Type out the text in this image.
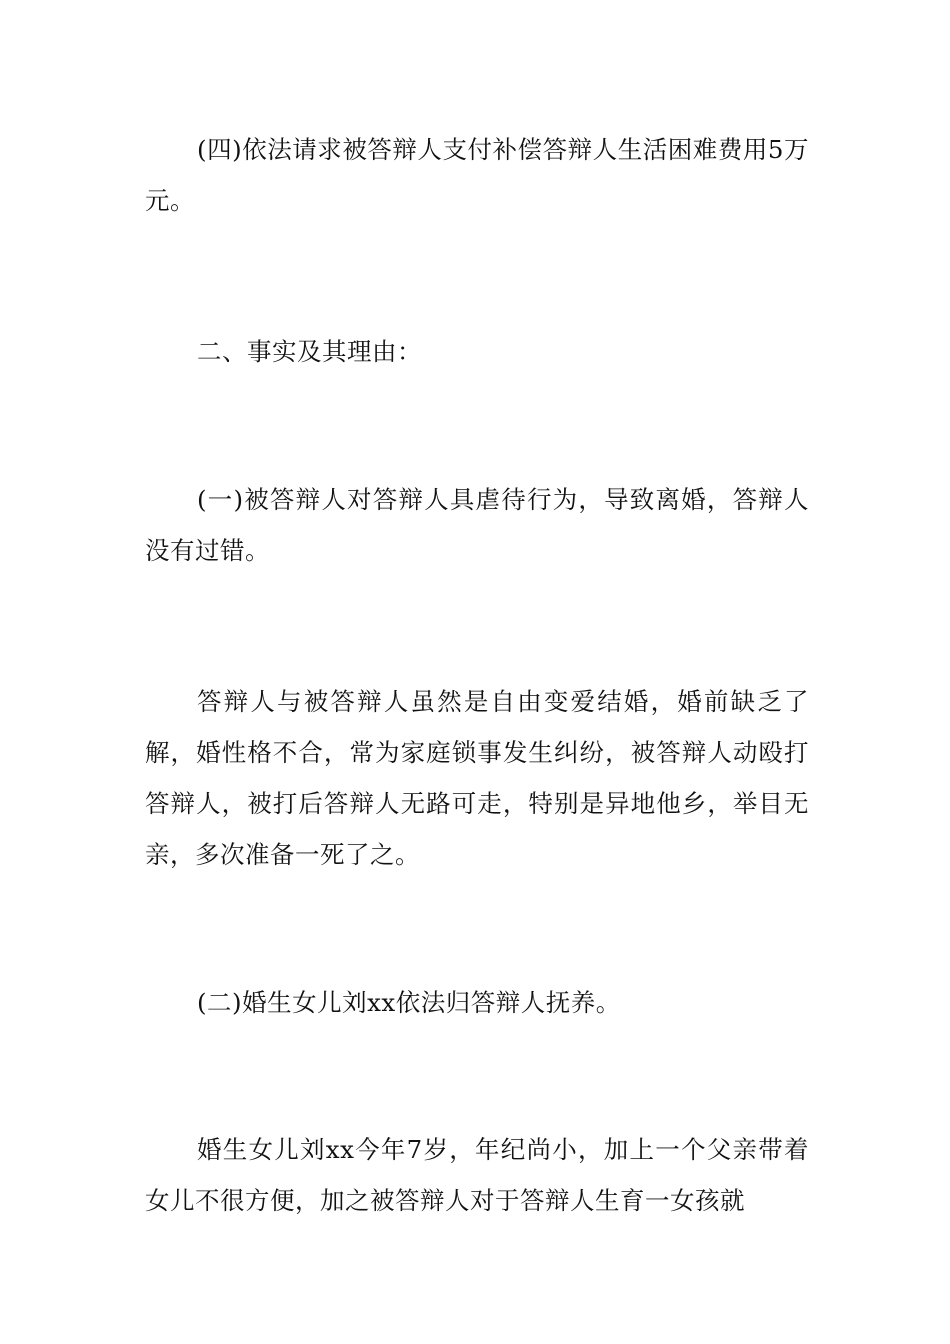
(四)依法请求被答辩人支付补偿答辩人生活困难费用5万元。

二、事实及其理由：

(一)被答辩人对答辩人具虐待行为，导致离婚，答辩人没有过错。

答辩人与被答辩人虽然是自由变爱结婚，婚前缺乏了解，婚性格不合，常为家庭锁事发生纠纷，被答辩人动殴打答辩人，被打后答辩人无路可走，特别是异地他乡，举目无亲，多次准备一死了之。

(二)婚生女儿刘xx依法归答辩人抚养。

婚生女儿刘xx今年7岁，年纪尚小，加上一个父亲带着女儿不很方便，加之被答辩人对于答辩人生育一女孩就
